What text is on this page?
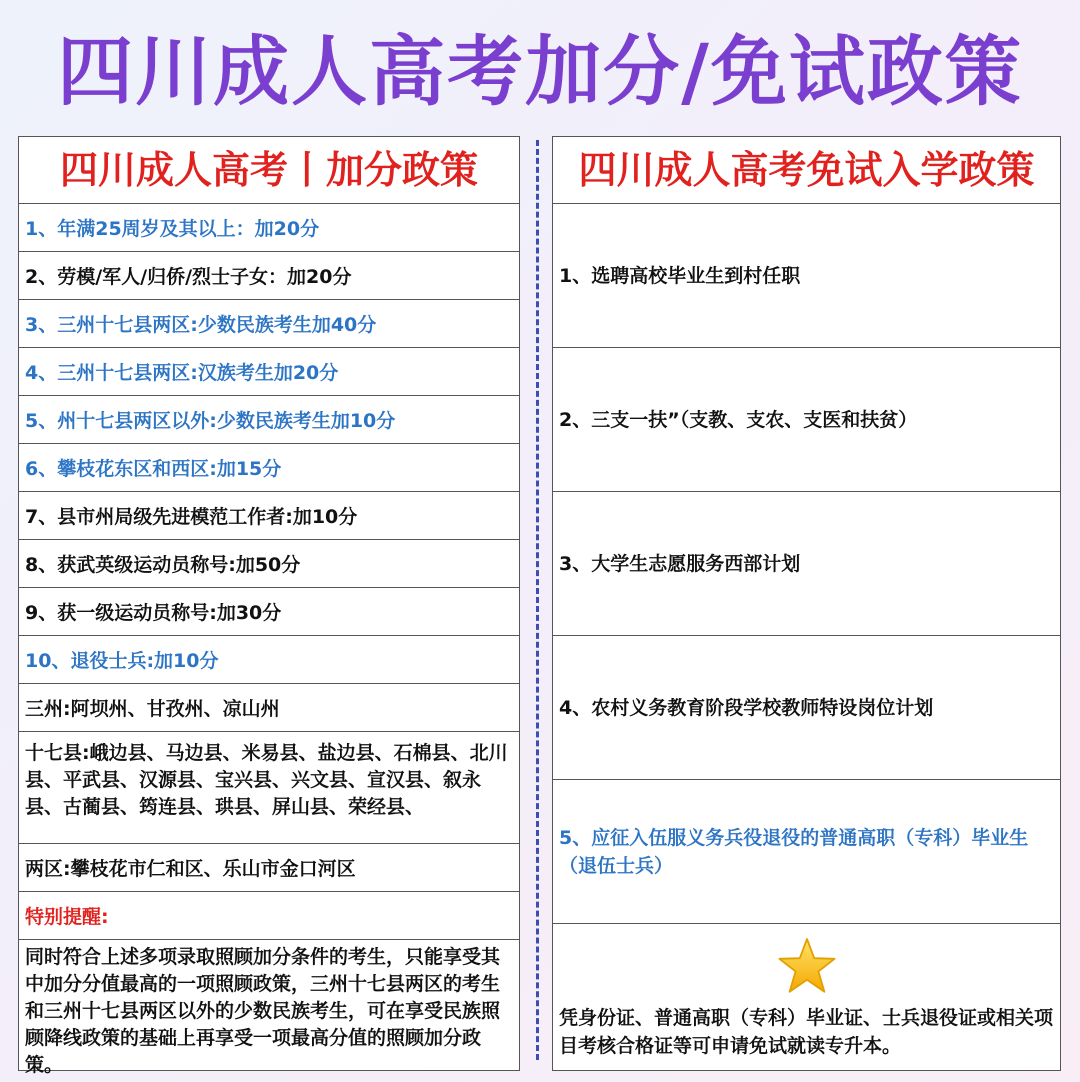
四川成人高考加分/免试政策
四川成人高考丨加分政策
1、年满25周岁及其以上：加20分
2、劳模/军人/归侨/烈士子女：加20分
3、三州十七县两区:少数民族考生加40分
4、三州十七县两区:汉族考生加20分
5、州十七县两区以外:少数民族考生加10分
6、攀枝花东区和西区:加15分
7、县市州局级先进模范工作者:加10分
8、获武英级运动员称号:加50分
9、获一级运动员称号:加30分
10、退役士兵:加10分
三州:阿坝州、甘孜州、凉山州
十七县:峨边县、马边县、米易县、盐边县、石棉县、北川县、平武县、汉源县、宝兴县、兴文县、宣汉县、叙永县、古蔺县、筠连县、珙县、屏山县、荣经县、
两区:攀枝花市仁和区、乐山市金口河区
特别提醒:
同时符合上述多项录取照顾加分条件的考生，只能享受其中加分分值最高的一项照顾政策，三州十七县两区的考生和三州十七县两区以外的少数民族考生，可在享受民族照顾降线政策的基础上再享受一项最高分值的照顾加分政策。
四川成人高考免试入学政策
1、选聘高校毕业生到村任职
2、三支一扶”（支教、支农、支医和扶贫）
3、大学生志愿服务西部计划
4、农村义务教育阶段学校教师特设岗位计划
5、应征入伍服义务兵役退役的普通高职（专科）毕业生（退伍士兵）
凭身份证、普通高职（专科）毕业证、士兵退役证或相关项目考核合格证等可申请免试就读专升本。
